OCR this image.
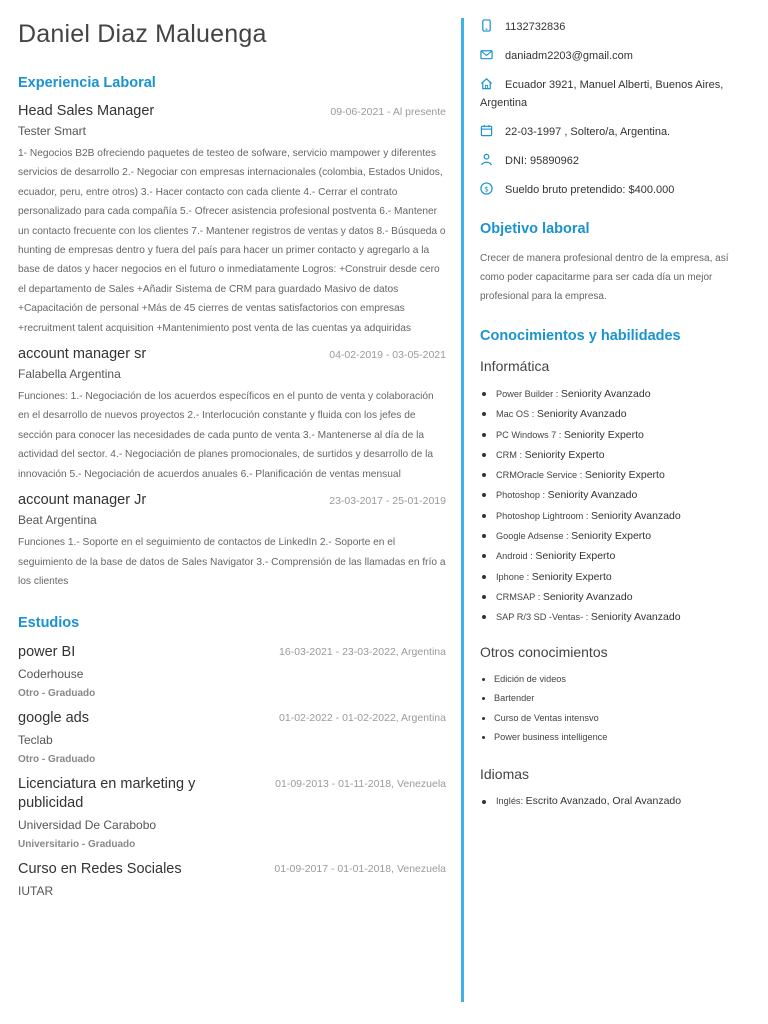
Daniel Diaz Maluenga
Experiencia Laboral
Head Sales Manager	09-06-2021 - Al presente
Tester Smart
1- Negocios B2B ofreciendo paquetes de testeo de sofware, servicio mampower y diferentes servicios de desarrollo 2.- Negociar con empresas internacionales (colombia, Estados Unidos, ecuador, peru, entre otros) 3.- Hacer contacto con cada cliente 4.- Cerrar el contrato personalizado para cada compañía 5.- Ofrecer asistencia profesional postventa 6.- Mantener un contacto frecuente con los clientes 7.- Mantener registros de ventas y datos 8.- Búsqueda o hunting de empresas dentro y fuera del país para hacer un primer contacto y agregarlo a la base de datos y hacer negocios en el futuro o inmediatamente Logros: +Construir desde cero el departamento de Sales +Añadir Sistema de CRM para guardado Masivo de datos +Capacitación de personal +Más de 45 cierres de ventas satisfactorios con empresas +recruitment talent acquisition +Mantenimiento post venta de las cuentas ya adquiridas
account manager sr	04-02-2019 - 03-05-2021
Falabella Argentina
Funciones: 1.- Negociación de los acuerdos específicos en el punto de venta y colaboración en el desarrollo de nuevos proyectos 2.- Interlocución constante y fluida con los jefes de sección para conocer las necesidades de cada punto de venta 3.- Mantenerse al día de la actividad del sector. 4.- Negociación de planes promocionales, de surtidos y desarrollo de la innovación 5.- Negociación de acuerdos anuales 6.- Planificación de ventas mensual
account manager Jr	23-03-2017 - 25-01-2019
Beat Argentina
Funciones 1.- Soporte en el seguimiento de contactos de LinkedIn 2.- Soporte en el seguimiento de la base de datos de Sales Navigator 3.- Comprensión de las llamadas en frío a los clientes
Estudios
power BI	16-03-2021 - 23-03-2022, Argentina
Coderhouse
Otro - Graduado
google ads	01-02-2022 - 01-02-2022, Argentina
Teclab
Otro - Graduado
Licenciatura en marketing y publicidad
01-09-2013 - 01-11-2018, Venezuela
Universidad De Carabobo
Universitario - Graduado
Curso en Redes Sociales	01-09-2017 - 01-01-2018, Venezuela
IUTAR
1132732836
daniadm2203@gmail.com
Ecuador 3921, Manuel Alberti, Buenos Aires, Argentina
22-03-1997 , Soltero/a, Argentina.
DNI: 95890962
$ Sueldo bruto pretendido: $400.000
Objetivo laboral
Crecer de manera profesional dentro de la empresa, así como poder capacitarme para ser cada día un mejor profesional para la empresa.
Conocimientos y habilidades
Informática
Power Builder : Seniority Avanzado
Mac OS : Seniority Avanzado
PC Windows 7 : Seniority Experto
CRM : Seniority Experto
CRMOracle Service : Seniority Experto
Photoshop : Seniority Avanzado
Photoshop Lightroom : Seniority Avanzado
Google Adsense : Seniority Experto
Android : Seniority Experto
Iphone : Seniority Experto
CRMSAP : Seniority Avanzado
SAP R/3 SD -Ventas- : Seniority Avanzado
Otros conocimientos
Edición de videos
Bartender
Curso de Ventas intensvo
Power business intelligence
Idiomas
Inglés: Escrito Avanzado, Oral Avanzado
